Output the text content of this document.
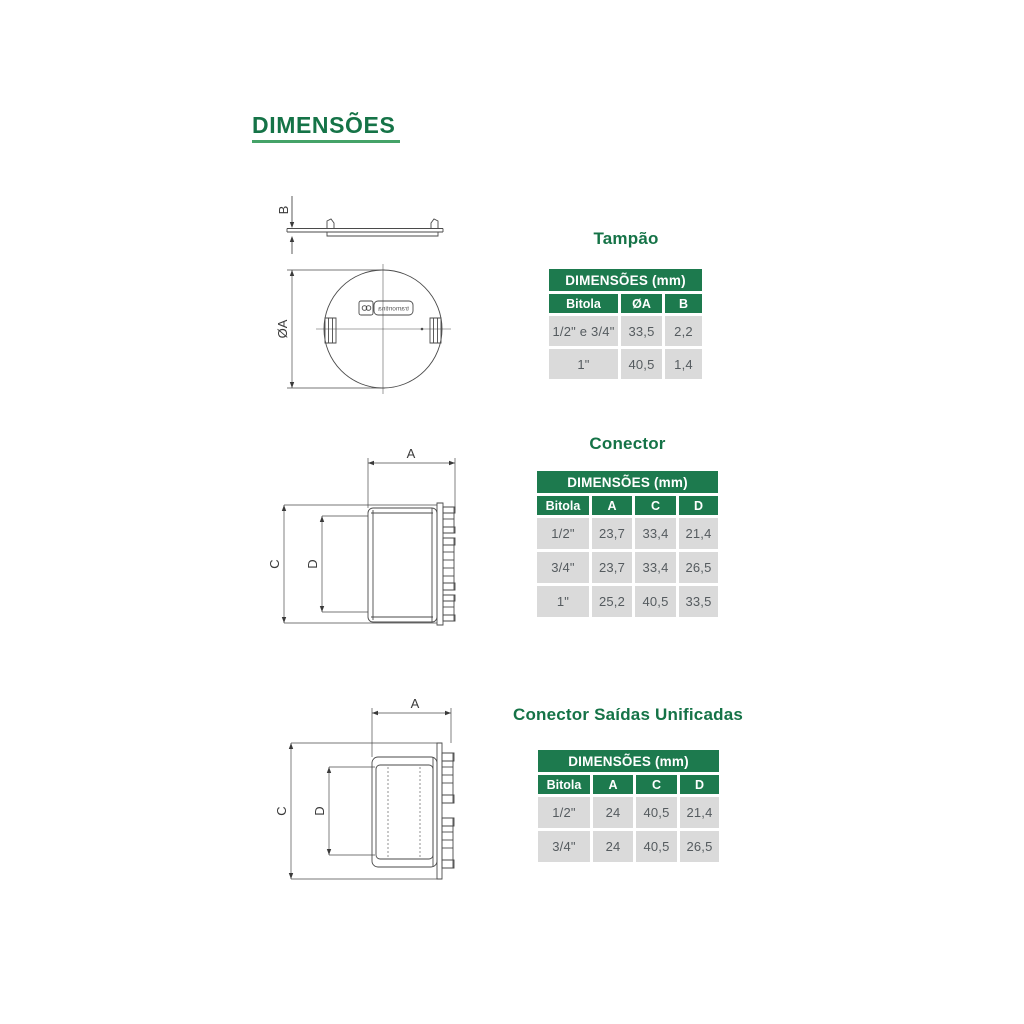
DIMENSÕES
B
ØA
tramontina
A
C D
A
C D
Tampão
Conector
Conector Saídas Unificadas
DIMENSÕES (mm)
Bitola	ØA	B
1/2" e 3/4"	33,5	2,2
1"	40,5	1,4
DIMENSÕES (mm)
Bitola	A	C	D
1/2"	23,7	33,4	21,4
3/4"	23,7	33,4	26,5
1"	25,2	40,5	33,5
DIMENSÕES (mm)
Bitola	A	C	D
1/2"	24	40,5	21,4
3/4"	24	40,5	26,5
